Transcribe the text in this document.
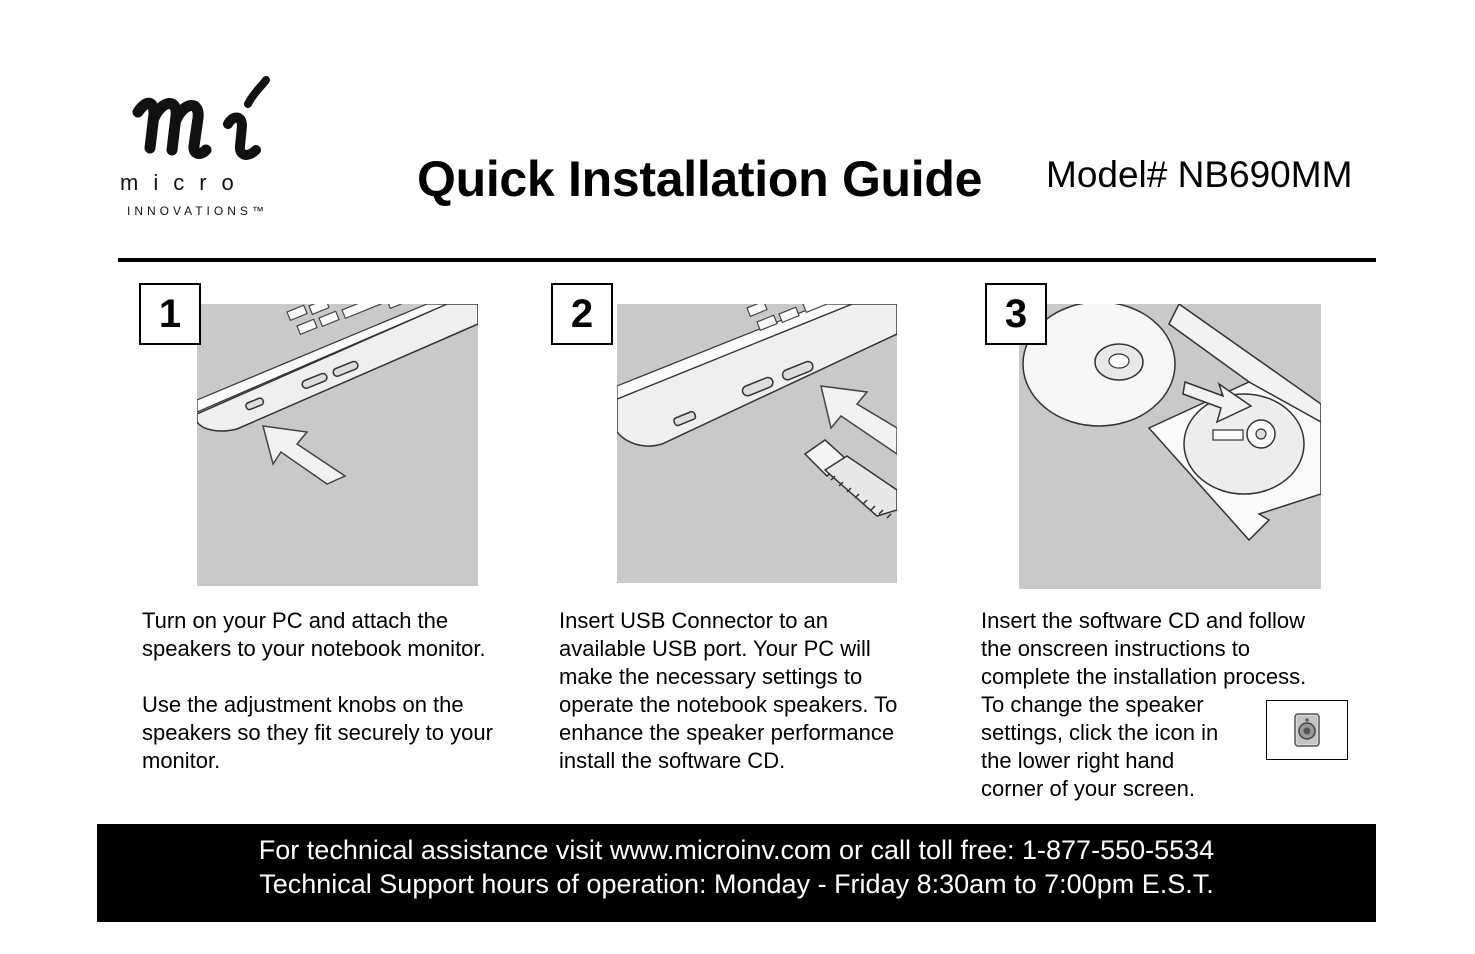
micro
INNOVATIONS™
Quick Installation Guide Model# NB690MM
1

Turn on your PC and attach the

speakers to your notebook monitor.

Use the adjustment knobs on the

speakers so they fit securely to your

monitor.

2

Insert USB Connector to an

available USB port. Your PC will

make the necessary settings to

operate the notebook speakers. To

enhance the speaker performance

install the software CD.

3

Insert the software CD and follow

the onscreen instructions to

complete the installation process.

To change the speaker

settings, click the icon in

the lower right hand

corner of your screen.

For technical assistance visit www.microinv.com or call toll free: 1-877-550-5534
Technical Support hours of operation: Monday - Friday 8:30am to 7:00pm E.S.T.
